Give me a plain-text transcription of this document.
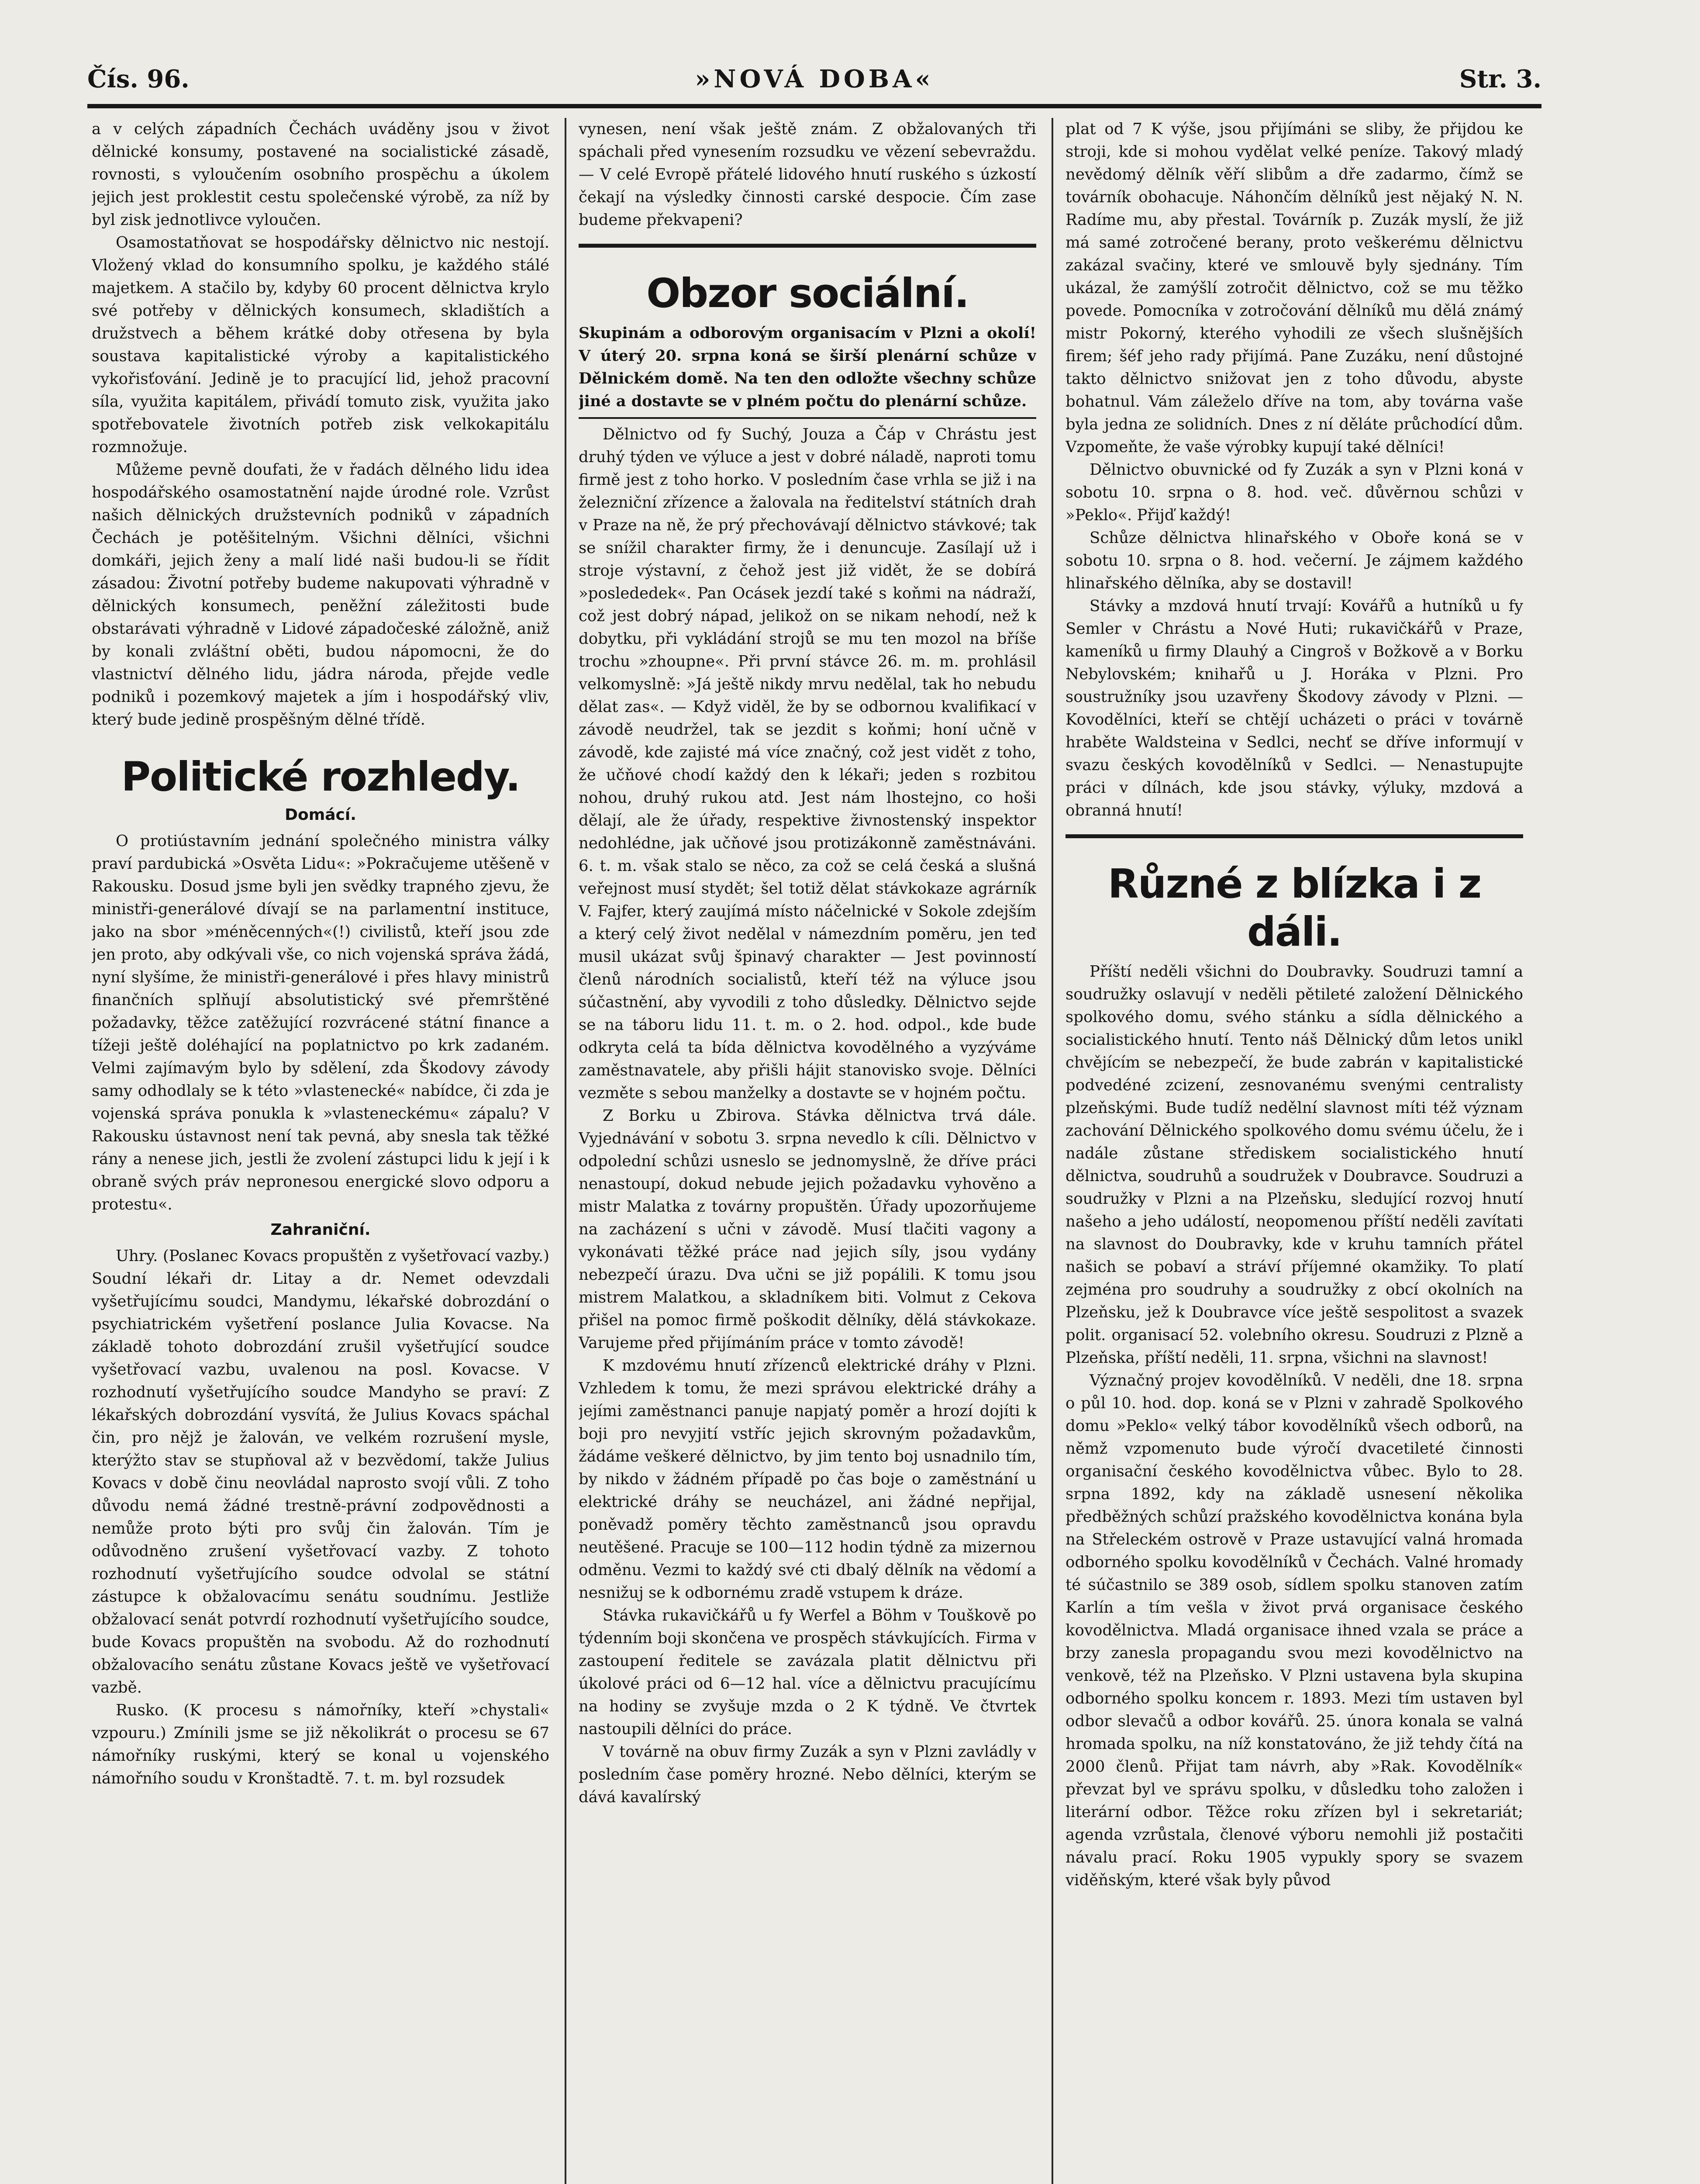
Čís. 96.	»NOVÁ DOBA«	Str. 3.

a v celých západních Čechách uváděny jsou v život dělnické konsumy, postavené na socialistické zásadě, rovnosti, s vyloučením osobního prospěchu a úkolem jejich jest proklestit cestu společenské výrobě, za níž by byl zisk jednotlivce vyloučen.

Osamostatňovat se hospodářsky dělnictvo nic nestojí. Vložený vklad do konsumního spolku, je každého stálé majetkem. A stačilo by, kdyby 60 procent dělnictva krylo své potřeby v dělnických konsumech, skladištích a družstvech a během krátké doby otřesena by byla soustava kapitalistické výroby a kapitalistického vykořisťování. Jedině je to pracující lid, jehož pracovní síla, využita kapitálem, přivádí tomuto zisk, využita jako spotřebovatele životních potřeb zisk velkokapitálu rozmnožuje.

Můžeme pevně doufati, že v řadách dělného lidu idea hospodářského osamostatnění najde úrodné role. Vzrůst našich dělnických družstevních podniků v západních Čechách je potěšitelným. Všichni dělníci, všichni domkáři, jejich ženy a malí lidé naši budou-li se řídit zásadou: Životní potřeby budeme nakupovati výhradně v dělnických konsumech, peněžní záležitosti bude obstarávati výhradně v Lidové západočeské záložně, aniž by konali zvláštní oběti, budou nápomocni, že do vlastnictví dělného lidu, jádra národa, přejde vedle podniků i pozemkový majetek a jím i hospodářský vliv, který bude jedině prospěšným dělné třídě.

Politické rozhledy.
Domácí.

O protiústavním jednání společného ministra války praví pardubická »Osvěta Lidu«: »Pokračujeme utěšeně v Rakousku. Dosud jsme byli jen svědky trapného zjevu, že ministři-generálové dívají se na parlamentní instituce, jako na sbor »méněcenných«(!) civilistů, kteří jsou zde jen proto, aby odkývali vše, co nich vojenská správa žádá, nyní slyšíme, že ministři-generálové i přes hlavy ministrů finančních splňují absolutistický své přemrštěné požadavky, těžce zatěžující rozvrácené státní finance a tížeji ještě doléhající na poplatnictvo po krk zadaném. Velmi zajímavým bylo by sdělení, zda Škodovy závody samy odhodlaly se k této »vlastenecké« nabídce, či zda je vojenská správa ponukla k »vlasteneckému« zápalu? V Rakousku ústavnost není tak pevná, aby snesla tak těžké rány a nenese jich, jestli že zvolení zástupci lidu k její i k obraně svých práv nepronesou energické slovo odporu a protestu«.

Zahraniční.

Uhry. (Poslanec Kovacs propuštěn z vyšetřovací vazby.) Soudní lékaři dr. Litay a dr. Nemet odevzdali vyšetřujícímu soudci, Mandymu, lékařské dobrozdání o psychiatrickém vyšetření poslance Julia Kovacse. Na základě tohoto dobrozdání zrušil vyšetřující soudce vyšetřovací vazbu, uvalenou na posl. Kovacse. V rozhodnutí vyšetřujícího soudce Mandyho se praví: Z lékařských dobrozdání vysvítá, že Julius Kovacs spáchal čin, pro nějž je žalován, ve velkém rozrušení mysle, kterýžto stav se stupňoval až v bezvědomí, takže Julius Kovacs v době činu neovládal naprosto svojí vůli. Z toho důvodu nemá žádné trestně-právní zodpovědnosti a nemůže proto býti pro svůj čin žalován. Tím je odůvodněno zrušení vyšetřovací vazby. Z tohoto rozhodnutí vyšetřujícího soudce odvolal se státní zástupce k obžalovacímu senátu soudnímu. Jestliže obžalovací senát potvrdí rozhodnutí vyšetřujícího soudce, bude Kovacs propuštěn na svobodu. Až do rozhodnutí obžalovacího senátu zůstane Kovacs ještě ve vyšetřovací vazbě.

Rusko. (K procesu s námořníky, kteří »chystali« vzpouru.) Zmínili jsme se již několikrát o procesu se 67 námořníky ruskými, který se konal u vojenského námořního soudu v Kronštadtě. 7. t. m. byl rozsudek

vynesen, není však ještě znám. Z obžalovaných tři spáchali před vynesením rozsudku ve vězení sebevraždu. — V celé Evropě přátelé lidového hnutí ruského s úzkostí čekají na výsledky činnosti carské despocie. Čím zase budeme překvapeni?

Obzor sociální.
Skupinám a odborovým organisacím v Plzni a okolí! V úterý 20. srpna koná se širší plenární schůze v Dělnickém domě. Na ten den odložte všechny schůze jiné a dostavte se v plném počtu do plenární schůze.

Dělnictvo od fy Suchý, Jouza a Čáp v Chrástu jest druhý týden ve výluce a jest v dobré náladě, naproti tomu firmě jest z toho horko. V posledním čase vrhla se již i na železniční zřízence a žalovala na ředitelství státních drah v Praze na ně, že prý přechovávají dělnictvo stávkové; tak se snížil charakter firmy, že i denuncuje. Zasílají už i stroje výstavní, z čehož jest již vidět, že se dobírá »poslededek«. Pan Ocásek jezdí také s koňmi na nádraží, což jest dobrý nápad, jelikož on se nikam nehodí, než k dobytku, při vykládání strojů se mu ten mozol na bříše trochu »zhoupne«. Při první stávce 26. m. m. prohlásil velkomyslně: »Já ještě nikdy mrvu nedělal, tak ho nebudu dělat zas«. — Když viděl, že by se odbornou kvalifikací v závodě neudržel, tak se jezdit s koňmi; honí učně v závodě, kde zajisté má více značný, což jest vidět z toho, že učňové chodí každý den k lékaři; jeden s rozbitou nohou, druhý rukou atd. Jest nám lhostejno, co hoši dělají, ale že úřady, respektive živnostenský inspektor nedohlédne, jak učňové jsou protizákonně zaměstnáváni. 6. t. m. však stalo se něco, za což se celá česká a slušná veřejnost musí stydět; šel totiž dělat stávkokaze agrárník V. Fajfer, který zaujímá místo náčelnické v Sokole zdejším a který celý život nedělal v námezdním poměru, jen teď musil ukázat svůj špinavý charakter — Jest povinností členů národních socialistů, kteří též na výluce jsou súčastnění, aby vyvodili z toho důsledky. Dělnictvo sejde se na táboru lidu 11. t. m. o 2. hod. odpol., kde bude odkryta celá ta bída dělnictva kovodělného a vyzýváme zaměstnavatele, aby přišli hájit stanovisko svoje. Dělníci vezměte s sebou manželky a dostavte se v hojném počtu.

Z Borku u Zbirova. Stávka dělnictva trvá dále. Vyjednávání v sobotu 3. srpna nevedlo k cíli. Dělnictvo v odpolední schůzi usneslo se jednomyslně, že dříve práci nenastoupí, dokud nebude jejich požadavku vyhověno a mistr Malatka z továrny propuštěn. Úřady upozorňujeme na zacházení s učni v závodě. Musí tlačiti vagony a vykonávati těžké práce nad jejich síly, jsou vydány nebezpečí úrazu. Dva učni se již popálili. K tomu jsou mistrem Malatkou, a skladníkem biti. Volmut z Cekova přišel na pomoc firmě poškodit dělníky, dělá stávkokaze. Varujeme před přijímáním práce v tomto závodě!

K mzdovému hnutí zřízenců elektrické dráhy v Plzni. Vzhledem k tomu, že mezi správou elektrické dráhy a jejími zaměstnanci panuje napjatý poměr a hrozí dojíti k boji pro nevyjití vstříc jejich skrovným požadavkům, žádáme veškeré dělnictvo, by jim tento boj usnadnilo tím, by nikdo v žádném případě po čas boje o zaměstnání u elektrické dráhy se neucházel, ani žádné nepřijal, poněvadž poměry těchto zaměstnanců jsou opravdu neutěšené. Pracuje se 100—112 hodin týdně za mizernou odměnu. Vezmi to každý své cti dbalý dělník na vědomí a nesnižuj se k odbornému zradě vstupem k dráze.

Stávka rukavičkářů u fy Werfel a Böhm v Touškově po týdenním boji skončena ve prospěch stávkujících. Firma v zastoupení ředitele se zavázala platit dělnictvu při úkolové práci od 6—12 hal. více a dělnictvu pracujícímu na hodiny se zvyšuje mzda o 2 K týdně. Ve čtvrtek nastoupili dělníci do práce.

V továrně na obuv firmy Zuzák a syn v Plzni zavládly v posledním čase poměry hrozné. Nebo dělníci, kterým se dává kavalírský

plat od 7 K výše, jsou přijímáni se sliby, že přijdou ke stroji, kde si mohou vydělat velké peníze. Takový mladý nevědomý dělník věří slibům a dře zadarmo, čímž se továrník obohacuje. Náhončím dělníků jest nějaký N. N. Radíme mu, aby přestal. Továrník p. Zuzák myslí, že již má samé zotročené berany, proto veškerému dělnictvu zakázal svačiny, které ve smlouvě byly sjednány. Tím ukázal, že zamýšlí zotročit dělnictvo, což se mu těžko povede. Pomocníka v zotročování dělníků mu dělá známý mistr Pokorný, kterého vyhodili ze všech slušnějších firem; šéf jeho rady přijímá. Pane Zuzáku, není důstojné takto dělnictvo snižovat jen z toho důvodu, abyste bohatnul. Vám záleželo dříve na tom, aby továrna vaše byla jedna ze solidních. Dnes z ní děláte průchodící dům. Vzpomeňte, že vaše výrobky kupují také dělníci!

Dělnictvo obuvnické od fy Zuzák a syn v Plzni koná v sobotu 10. srpna o 8. hod. več. důvěrnou schůzi v »Peklo«. Přijď každý!

Schůze dělnictva hlinařského v Oboře koná se v sobotu 10. srpna o 8. hod. večerní. Je zájmem každého hlinařského dělníka, aby se dostavil!

Stávky a mzdová hnutí trvají: Kovářů a hutníků u fy Semler v Chrástu a Nové Huti; rukavičkářů v Praze, kameníků u firmy Dlauhý a Cingroš v Božkově a v Borku Nebylovském; knihařů u J. Horáka v Plzni. Pro soustružníky jsou uzavřeny Škodovy závody v Plzni. — Kovodělníci, kteří se chtějí ucházeti o práci v továrně hraběte Waldsteina v Sedlci, nechť se dříve informují v svazu českých kovodělníků v Sedlci. — Nenastupujte práci v dílnách, kde jsou stávky, výluky, mzdová a obranná hnutí!

Různé z blízka i z dáli.

Příští neděli všichni do Doubravky. Soudruzi tamní a soudružky oslavují v neděli pětileté založení Dělnického spolkového domu, svého stánku a sídla dělnického a socialistického hnutí. Tento náš Dělnický dům letos unikl chvějícím se nebezpečí, že bude zabrán v kapitalistické podvedéné zcizení, zesnovanému svenými centralisty plzeňskými. Bude tudíž nedělní slavnost míti též význam zachování Dělnického spolkového domu svému účelu, že i nadále zůstane střediskem socialistického hnutí dělnictva, soudruhů a soudružek v Doubravce. Soudruzi a soudružky v Plzni a na Plzeňsku, sledující rozvoj hnutí našeho a jeho událostí, neopomenou příští neděli zavítati na slavnost do Doubravky, kde v kruhu tamních přátel našich se pobaví a stráví příjemné okamžiky. To platí zejména pro soudruhy a soudružky z obcí okolních na Plzeňsku, jež k Doubravce více ještě sespolitost a svazek polit. organisací 52. volebního okresu. Soudruzi z Plzně a Plzeňska, příští neděli, 11. srpna, všichni na slavnost!

Význačný projev kovodělníků. V neděli, dne 18. srpna o půl 10. hod. dop. koná se v Plzni v zahradě Spolkového domu »Peklo« velký tábor kovodělníků všech odborů, na němž vzpomenuto bude výročí dvacetileté činnosti organisační českého kovodělnictva vůbec. Bylo to 28. srpna 1892, kdy na základě usnesení několika předběžných schůzí pražského kovodělnictva konána byla na Střeleckém ostrově v Praze ustavující valná hromada odborného spolku kovodělníků v Čechách. Valné hromady té súčastnilo se 389 osob, sídlem spolku stanoven zatím Karlín a tím vešla v život prvá organisace českého kovodělnictva. Mladá organisace ihned vzala se práce a brzy zanesla propagandu svou mezi kovodělnictvo na venkově, též na Plzeňsko. V Plzni ustavena byla skupina odborného spolku koncem r. 1893. Mezi tím ustaven byl odbor slevačů a odbor kovářů. 25. února konala se valná hromada spolku, na níž konstatováno, že již tehdy čítá na 2000 členů. Přijat tam návrh, aby »Rak. Kovodělník« převzat byl ve správu spolku, v důsledku toho založen i literární odbor. Těžce roku zřízen byl i sekretariát; agenda vzrůstala, členové výboru nemohli již postačiti návalu prací. Roku 1905 vypukly spory se svazem viděňským, které však byly původ
